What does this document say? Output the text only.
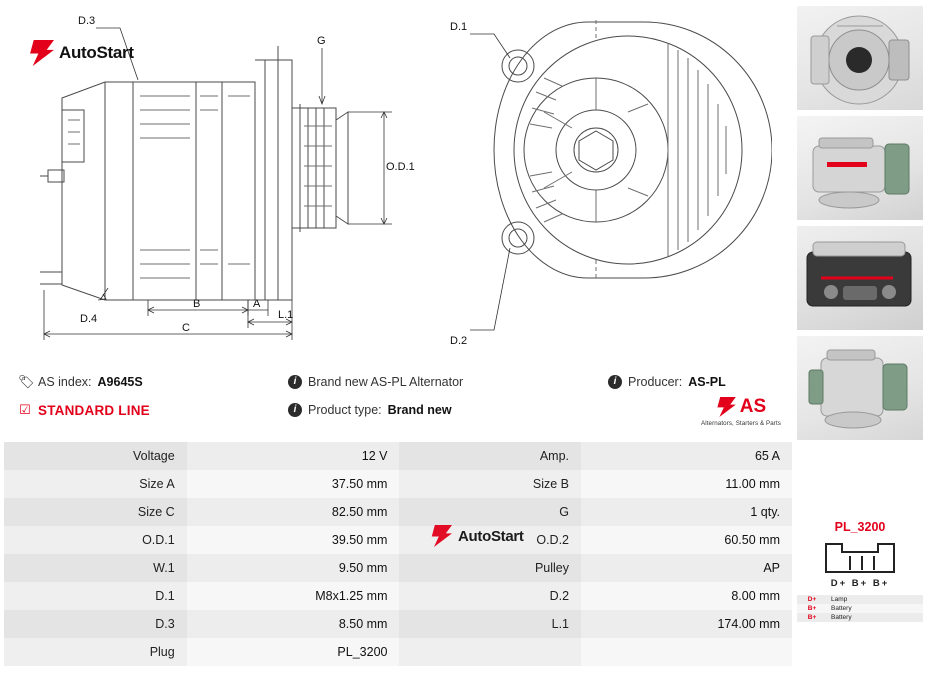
O.D.1
G
D.3
D.4
B	A
L.1
C
D.1
D.2
AutoStart
🏷 AS index: A9645S	i Brand new AS-PL Alternator	i Producer: AS-PL
☑ STANDARD LINE	i Product type: Brand new	AS
Alternators, Starters & Parts
Voltage	12 V	Amp.	65 A
Size A	37.50 mm	Size B	11.00 mm
Size C	82.50 mm	G	1 qty.
O.D.1	39.50 mm	O.D.2	60.50 mm
W.1	9.50 mm	Pulley	AP
D.1	M8x1.25 mm	D.2	8.00 mm
D.3	8.50 mm	L.1	174.00 mm
Plug	PL_3200		
AutoStart
PL_3200
D+ B+ B+
D+	Lamp
B+	Battery
B+	Battery
